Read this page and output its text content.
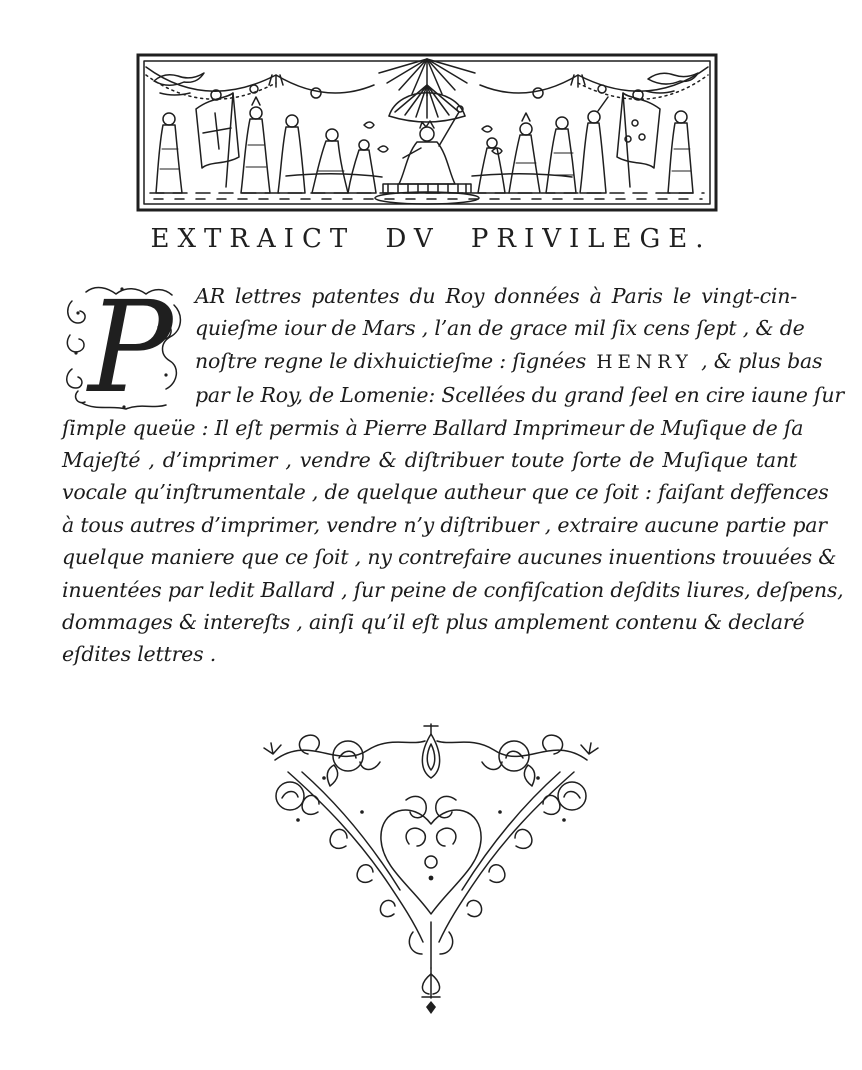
EXTRAICT DV PRIVILEGE.
P	AR lettres patentes du Roy données à Paris le vingt-cin-
quieſme iour de Mars , l’an de grace mil ſix cens ſept , & de
noſtre regne le dixhuictieſme : ſignées HENRY , & plus bas
par le Roy, de Lomenie: Scellées du grand ſeel en cire iaune ſur
ſimple queüe : Il eſt permis à Pierre Ballard Imprimeur de Muſique de ſa
Majeſté , d’imprimer , vendre & diſtribuer toute ſorte de Muſique tant
vocale qu’inſtrumentale , de quelque autheur que ce ſoit : faiſant deffences
à tous autres d’imprimer, vendre n’y diſtribuer , extraire aucune partie par
quelque maniere que ce ſoit , ny contrefaire aucunes inuentions trouuées &
inuentées par ledit Ballard , ſur peine de confiſcation deſdits liures, deſpens,
dommages & intereſts , ainſi qu’il eſt plus amplement contenu & declaré
eſdites lettres .
